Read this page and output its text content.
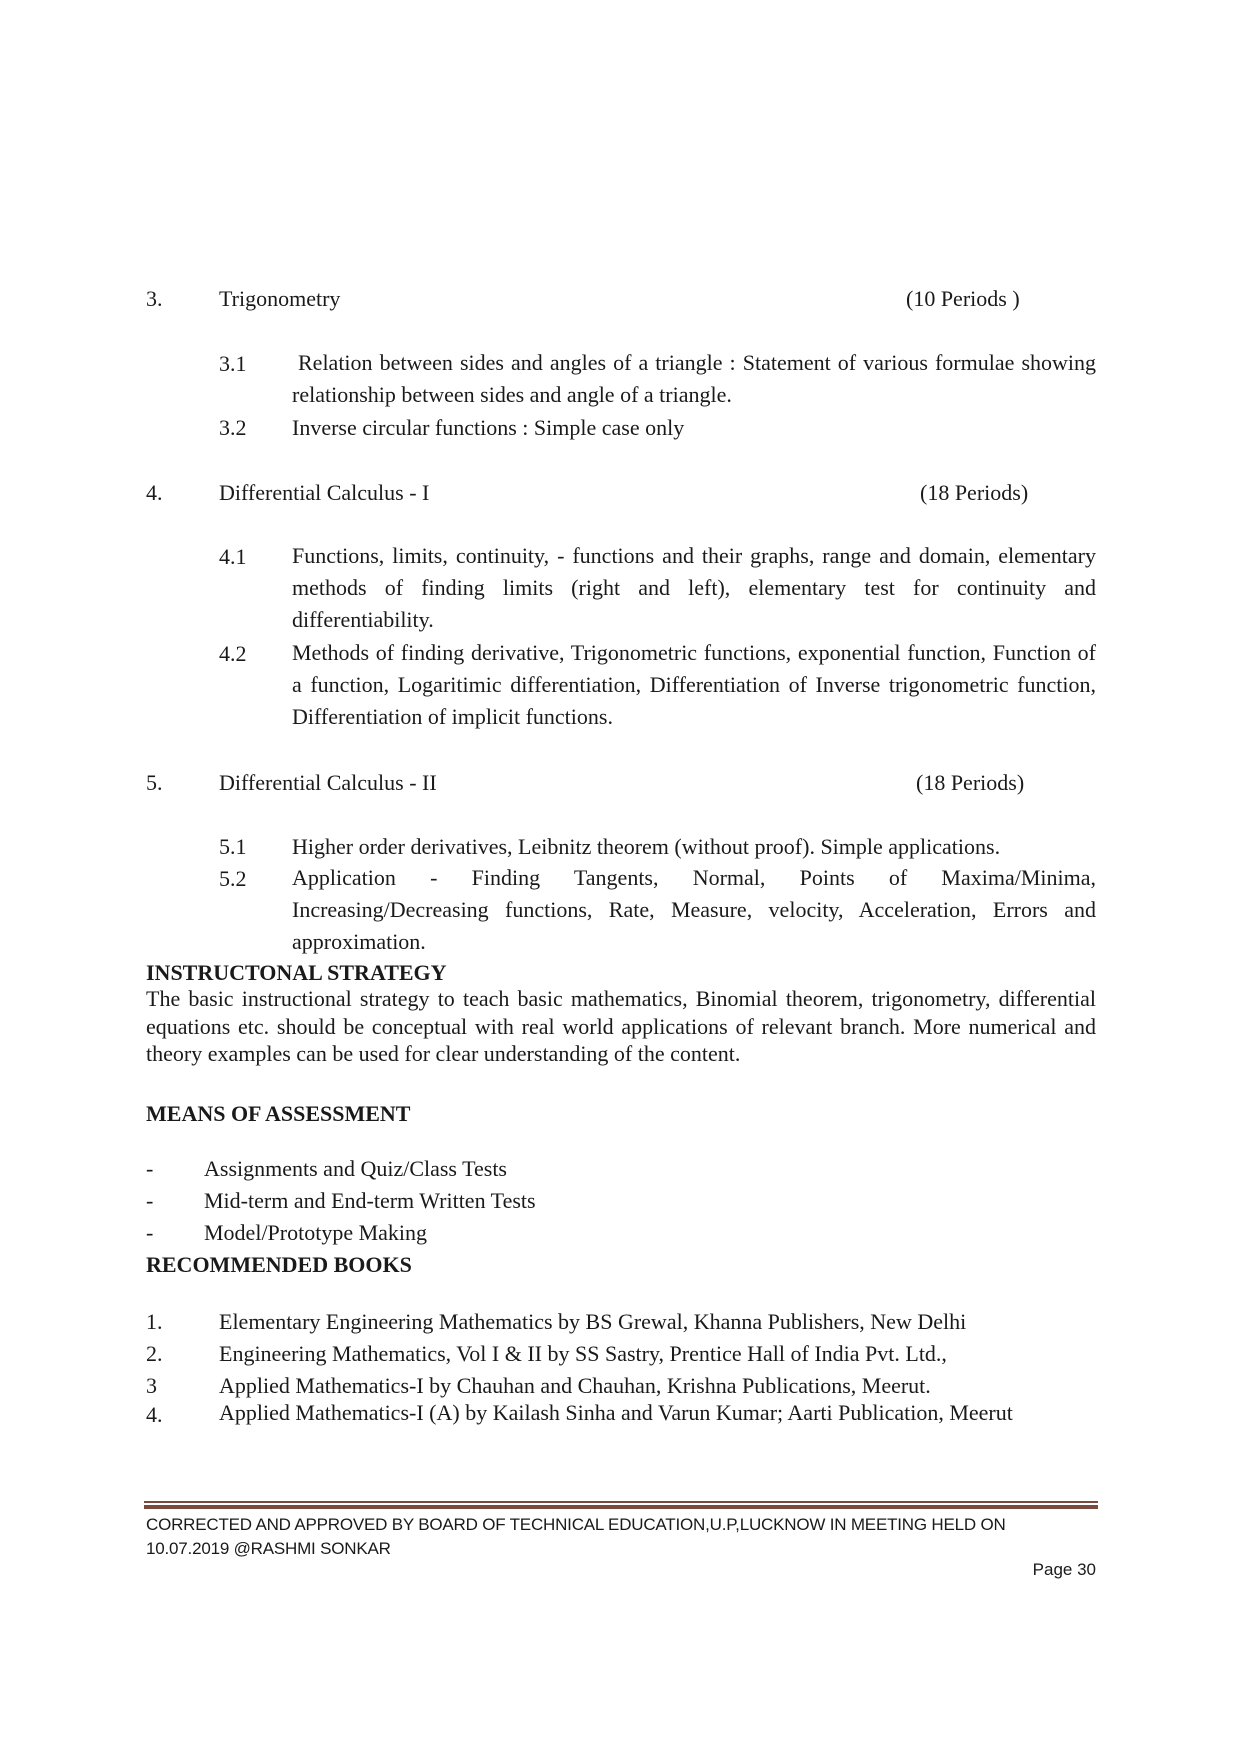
3.	Trigonometry	(10 Periods )
3.1 Relation between sides and angles of a triangle : Statement of various formulae showing relationship between sides and angle of a triangle.
3.2 Inverse circular functions : Simple case only
4.	Differential Calculus - I	(18 Periods)
4.1 Functions, limits, continuity, - functions and their graphs, range and domain, elementary methods of finding limits (right and left), elementary test for continuity and differentiability.
4.2 Methods of finding derivative, Trigonometric functions, exponential function, Function of a function, Logaritimic differentiation, Differentiation of Inverse trigonometric function, Differentiation of implicit functions.
5.	Differential Calculus - II	(18 Periods)
5.1 Higher order derivatives, Leibnitz theorem (without proof). Simple applications.
5.2 Application - Finding Tangents, Normal, Points of Maxima/Minima, Increasing/Decreasing functions, Rate, Measure, velocity, Acceleration, Errors and approximation.
INSTRUCTONAL STRATEGY
The basic instructional strategy to teach basic mathematics, Binomial theorem, trigonometry, differential equations etc. should be conceptual with real world applications of relevant branch. More numerical and theory examples can be used for clear understanding of the content.
MEANS OF ASSESSMENT
- Assignments and Quiz/Class Tests
- Mid-term and End-term Written Tests
- Model/Prototype Making
RECOMMENDED BOOKS
1.	Elementary Engineering Mathematics by BS Grewal, Khanna Publishers, New Delhi
2.	Engineering Mathematics, Vol I & II by SS Sastry, Prentice Hall of India Pvt. Ltd.,
3	Applied Mathematics-I by Chauhan and Chauhan, Krishna Publications, Meerut.
4.	Applied Mathematics-I (A) by Kailash Sinha and Varun Kumar; Aarti Publication, Meerut
CORRECTED AND APPROVED BY BOARD OF TECHNICAL EDUCATION,U.P,LUCKNOW IN MEETING HELD ON
10.07.2019 @RASHMI SONKAR
Page 30
